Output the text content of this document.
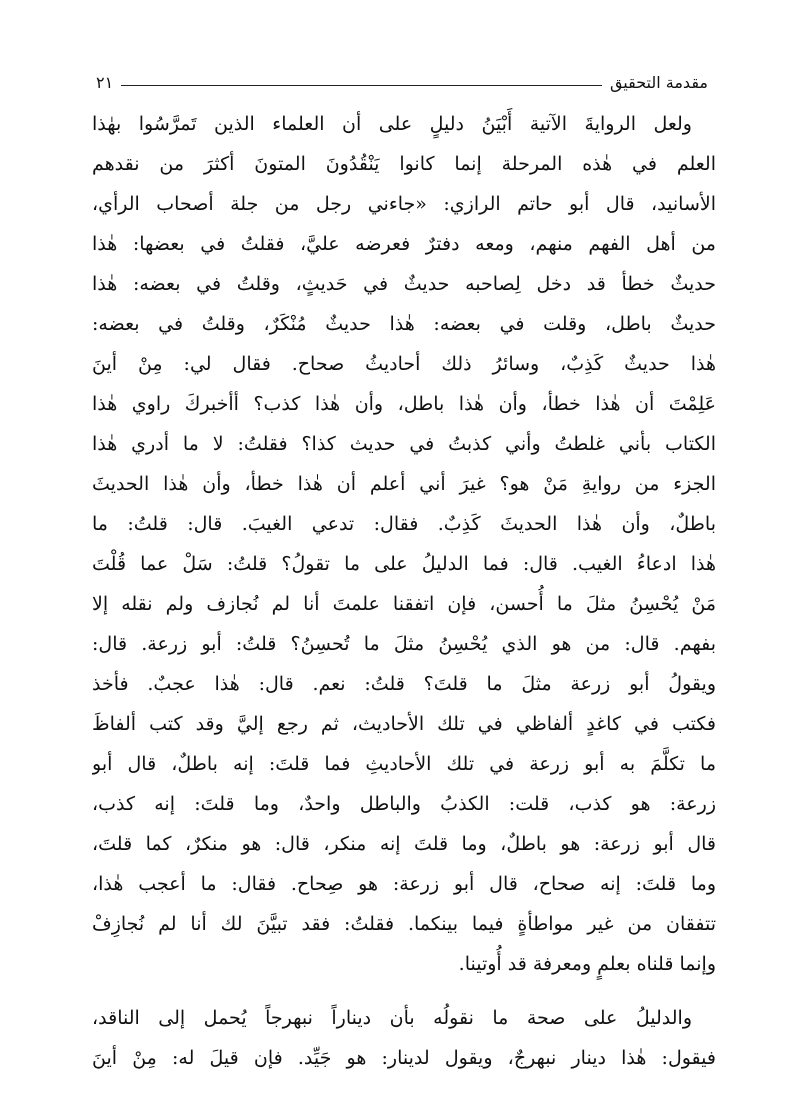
مقدمة التحقيق
٢١
ولعل الروايةَ الآتية أَبْيَنُ دليلٍ على أن العلماء الذين تَمرَّسُوا بهٰذا
العلم في هٰذه المرحلة إنما كانوا يَنْقُدُونَ المتونَ أكثرَ من نقدهم
الأسانيد، قال أبو حاتم الرازي: «جاءني رجل من جلة أصحاب الرأي،
من أهل الفهم منهم، ومعه دفترٌ فعرضه عليَّ، فقلتُ في بعضها: هٰذا
حديثٌ خطأ قد دخل لِصاحبه حديثٌ في حَديثٍ، وقلتُ في بعضه: هٰذا
حديثٌ باطل، وقلت في بعضه: هٰذا حديثٌ مُنْكَرٌ، وقلتُ في بعضه:
هٰذا حديثٌ كَذِبٌ، وسائرُ ذلك أحاديثُ صحاح. فقال لي: مِنْ أينَ
عَلِمْتَ أن هٰذا خطأ، وأن هٰذا باطل، وأن هٰذا كذب؟ أأخبركَ راوي هٰذا
الكتاب بأني غلطتُ وأني كذبتُ في حديث كذا؟ فقلتُ: لا ما أدري هٰذا
الجزء من روايةِ مَنْ هو؟ غيرَ أني أعلم أن هٰذا خطأ، وأن هٰذا الحديثَ
باطلٌ، وأن هٰذا الحديثَ كَذِبٌ. فقال: تدعي الغيبَ. قال: قلتُ: ما
هٰذا ادعاءُ الغيب. قال: فما الدليلُ على ما تقولُ؟ قلتُ: سَلْ عما قُلْتَ
مَنْ يُحْسِنُ مثلَ ما أُحسن، فإن اتفقنا علمتَ أنا لم نُجازف ولم نقله إلا
بفهم. قال: من هو الذي يُحْسِنُ مثلَ ما تُحسِنُ؟ قلتُ: أبو زرعة. قال:
ويقولُ أبو زرعة مثلَ ما قلتَ؟ قلتُ: نعم. قال: هٰذا عجبٌ. فأخذ
فكتب في كاغدٍ ألفاظي في تلك الأحاديث، ثم رجع إليَّ وقد كتب ألفاظَ
ما تكلَّمَ به أبو زرعة في تلك الأحاديثِ فما قلتَ: إنه باطلٌ، قال أبو
زرعة: هو كذب، قلت: الكذبُ والباطل واحدٌ، وما قلتَ: إنه كذب،
قال أبو زرعة: هو باطلٌ، وما قلتَ إنه منكر، قال: هو منكرٌ، كما قلتَ،
وما قلتَ: إنه صحاح، قال أبو زرعة: هو صِحاح. فقال: ما أعجب هٰذا،
تتفقان من غير مواطأةٍ فيما بينكما. فقلتُ: فقد تبيَّنَ لك أنا لم نُجازِفْ
وإنما قلناه بعلمٍ ومعرفة قد أُوتينا.
والدليلُ على صحة ما نقولُه بأن ديناراً نبهرجاً يُحمل إلى الناقد،
فيقول: هٰذا دينار نبهرجٌ، ويقول لدينار: هو جَيِّد. فإن قيلَ له: مِنْ أينَ
